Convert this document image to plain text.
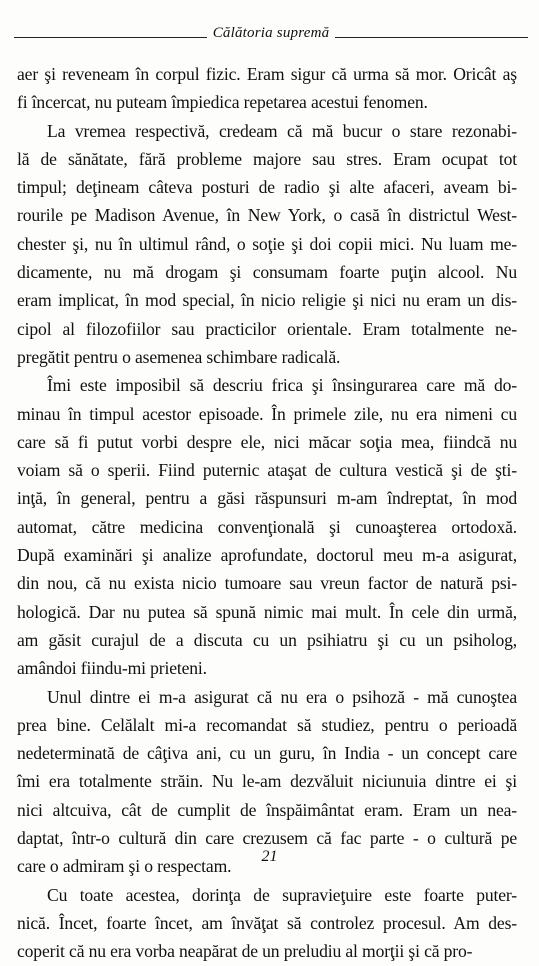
Călătoria supremă
aer şi reveneam în corpul fizic. Eram sigur că urma să mor. Oricât aş
fi încercat, nu puteam împiedica repetarea acestui fenomen.
La vremea respectivă, credeam că mă bucur o stare rezonabi-
lă de sănătate, fără probleme majore sau stres. Eram ocupat tot
timpul; deţineam câteva posturi de radio şi alte afaceri, aveam bi-
rourile pe Madison Avenue, în New York, o casă în districtul West-
chester şi, nu în ultimul rând, o soţie şi doi copii mici. Nu luam me-
dicamente, nu mă drogam şi consumam foarte puţin alcool. Nu
eram implicat, în mod special, în nicio religie şi nici nu eram un dis-
cipol al filozofiilor sau practicilor orientale. Eram totalmente ne-
pregătit pentru o asemenea schimbare radicală.
Îmi este imposibil să descriu frica şi însingurarea care mă do-
minau în timpul acestor episoade. În primele zile, nu era nimeni cu
care să fi putut vorbi despre ele, nici măcar soţia mea, fiindcă nu
voiam să o sperii. Fiind puternic ataşat de cultura vestică şi de şti-
inţă, în general, pentru a găsi răspunsuri m-am îndreptat, în mod
automat, către medicina convenţională şi cunoaşterea ortodoxă.
După examinări şi analize aprofundate, doctorul meu m-a asigurat,
din nou, că nu exista nicio tumoare sau vreun factor de natură psi-
hologică. Dar nu putea să spună nimic mai mult. În cele din urmă,
am găsit curajul de a discuta cu un psihiatru şi cu un psiholog,
amândoi fiindu-mi prieteni.
Unul dintre ei m-a asigurat că nu era o psihoză - mă cunoştea
prea bine. Celălalt mi-a recomandat să studiez, pentru o perioadă
nedeterminată de câţiva ani, cu un guru, în India - un concept care
îmi era totalmente străin. Nu le-am dezvăluit niciunuia dintre ei şi
nici altcuiva, cât de cumplit de înspăimântat eram. Eram un nea-
daptat, într-o cultură din care crezusem că fac parte - o cultură pe
care o admiram şi o respectam.
Cu toate acestea, dorinţa de supravieţuire este foarte puter-
nică. Încet, foarte încet, am învăţat să controlez procesul. Am des-
coperit că nu era vorba neapărat de un preludiu al morţii şi că pro-
21
